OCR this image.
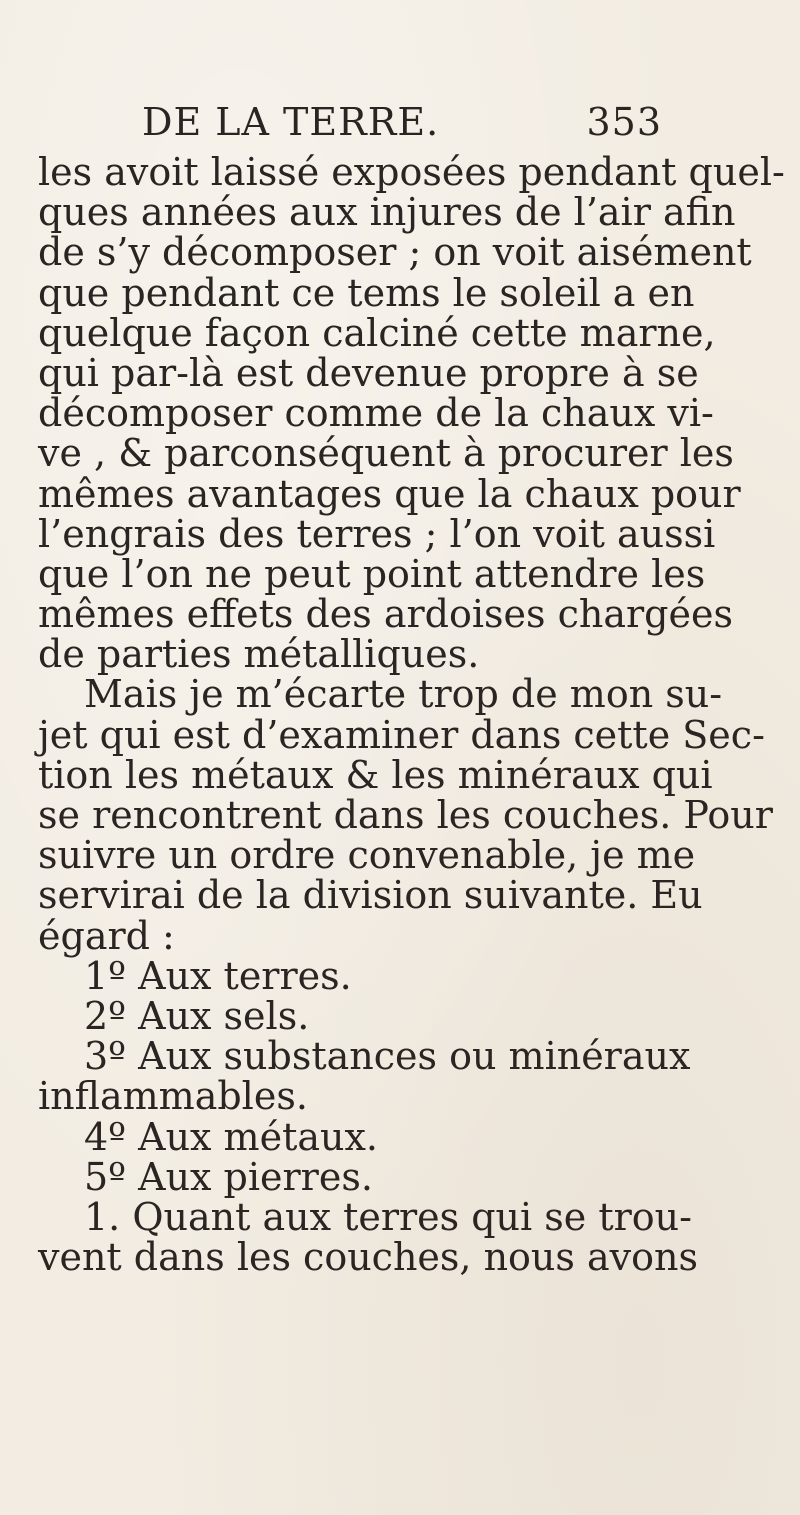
DE LA TERRE.	353
les avoit laissé exposées pendant quel-
ques années aux injures de l’air afin
de s’y décomposer ; on voit aisément
que pendant ce tems le soleil a en
quelque façon calciné cette marne,
qui par-là est devenue propre à se
décomposer comme de la chaux vi-
ve , & parconséquent à procurer les
mêmes avantages que la chaux pour
l’engrais des terres ; l’on voit aussi
que l’on ne peut point attendre les
mêmes effets des ardoises chargées
de parties métalliques.
Mais je m’écarte trop de mon su-
jet qui est d’examiner dans cette Sec-
tion les métaux & les minéraux qui
se rencontrent dans les couches. Pour
suivre un ordre convenable, je me
servirai de la division suivante. Eu
égard :
1º Aux terres.
2º Aux sels.
3º Aux substances ou minéraux
inflammables.
4º Aux métaux.
5º Aux pierres.
1. Quant aux terres qui se trou-
vent dans les couches, nous avons
